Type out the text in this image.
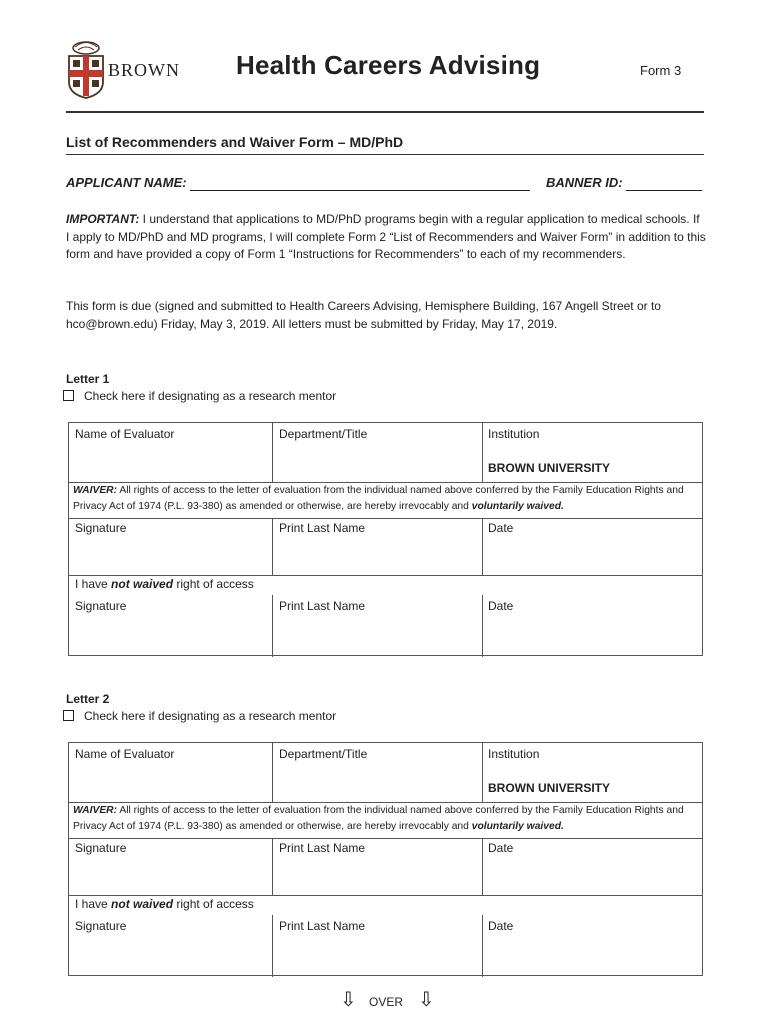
BROWN Health Careers Advising	Form 3
List of Recommenders and Waiver Form – MD/PhD
APPLICANT NAME:	BANNER ID:
IMPORTANT: I understand that applications to MD/PhD programs begin with a regular application to medical schools. If I apply to MD/PhD and MD programs, I will complete Form 2 “List of Recommenders and Waiver Form” in addition to this form and have provided a copy of Form 1 “Instructions for Recommenders” to each of my recommenders.
This form is due (signed and submitted to Health Careers Advising, Hemisphere Building, 167 Angell Street or to hco@brown.edu) Friday, May 3, 2019. All letters must be submitted by Friday, May 17, 2019.
Letter 1
Check here if designating as a research mentor
Name of Evaluator	Department/Title	Institution
BROWN UNIVERSITY
WAIVER: All rights of access to the letter of evaluation from the individual named above conferred by the Family Education Rights and Privacy Act of 1974 (P.L. 93-380) as amended or otherwise, are hereby irrevocably and voluntarily waived.
Signature	Print Last Name	Date
I have not waived right of access
Signature	Print Last Name	Date
Letter 2
Check here if designating as a research mentor
Name of Evaluator	Department/Title	Institution
BROWN UNIVERSITY
WAIVER: All rights of access to the letter of evaluation from the individual named above conferred by the Family Education Rights and Privacy Act of 1974 (P.L. 93-380) as amended or otherwise, are hereby irrevocably and voluntarily waived.
Signature	Print Last Name	Date
I have not waived right of access
Signature	Print Last Name	Date
⇩ OVER ⇩
